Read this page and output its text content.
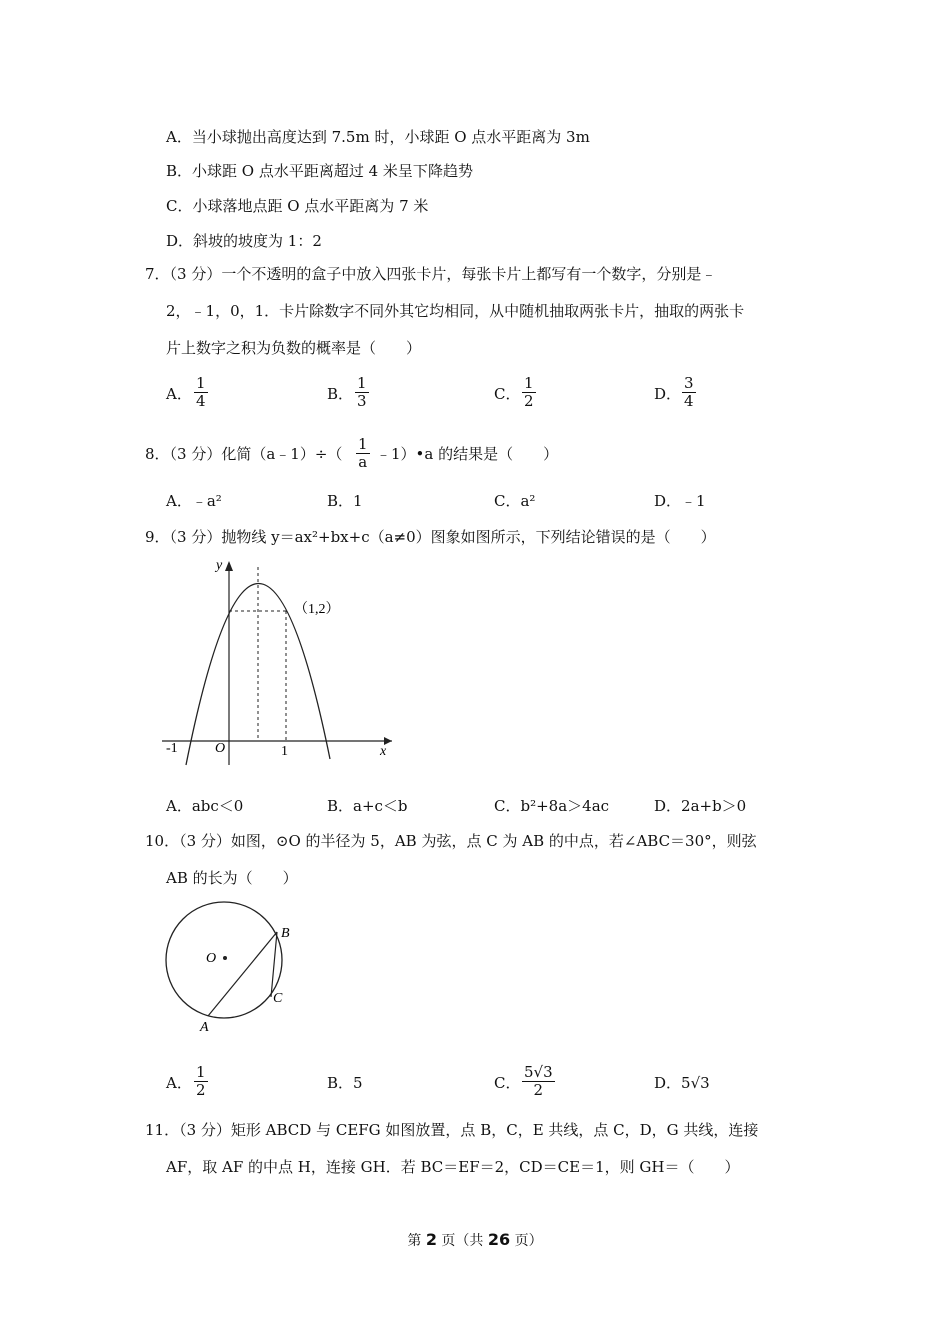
A．当小球抛出高度达到 7.5m 时，小球距 O 点水平距离为 3m
B．小球距 O 点水平距离超过 4 米呈下降趋势
C．小球落地点距 O 点水平距离为 7 米
D．斜坡的坡度为 1：2
7．（3 分）一个不透明的盒子中放入四张卡片，每张卡片上都写有一个数字，分别是﹣
2，﹣1，0，1．卡片除数字不同外其它均相同，从中随机抽取两张卡片，抽取的两张卡
片上数字之积为负数的概率是（　　）
A． $\frac{1}{4}$	B． $\frac{1}{3}$	C． $\frac{1}{2}$	D． $\frac{3}{4}$
8．（3 分）化简（a﹣1）÷（ $\frac{1}{a}$ ﹣1）•a 的结果是（　　）
A．﹣a²	B．1	C．a²	D．﹣1
9．（3 分）抛物线 y＝ax²+bx+c（a≠0）图象如图所示，下列结论错误的是（　　）
y
x
O
-1	1
（1,2）
A．abc＜0	B．a+c＜b	C．b²+8a＞4ac	D．2a+b＞0
10．（3 分）如图，⊙O 的半径为 5，AB 为弦，点 C 为 AB 的中点，若∠ABC＝30°，则弦
AB 的长为（　　）
O
A
B
C
A． $\frac{1}{2}$	B．5	C． $\frac{5√3}{2}$	D．5√3
11．（3 分）矩形 ABCD 与 CEFG 如图放置，点 B，C，E 共线，点 C，D，G 共线，连接
AF，取 AF 的中点 H，连接 GH．若 BC＝EF＝2，CD＝CE＝1，则 GH＝（　　）
第 2 页（共 26 页）
